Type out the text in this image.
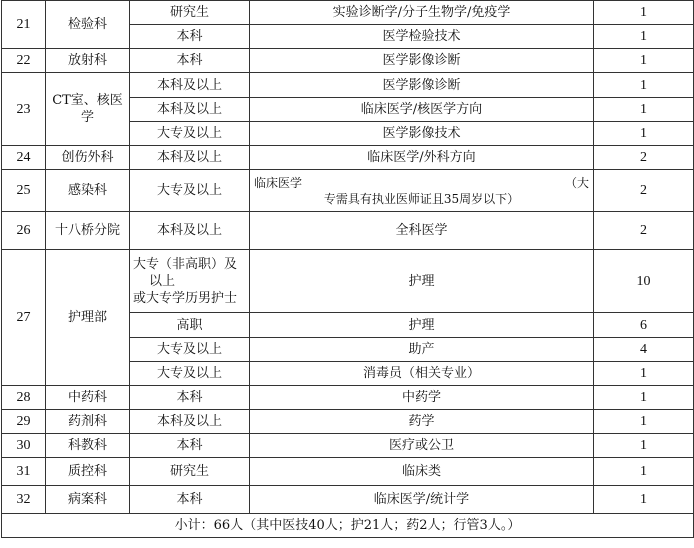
21	检验科	研究生	实验诊断学/分子生物学/免疫学	1
		本科	医学检验技术	1
22	放射科	本科	医学影像诊断	1
23	CT室、核医学	本科及以上	医学影像诊断	1
		本科及以上	临床医学/核医学方向	1
		大专及以上	医学影像技术	1
24	创伤外科	本科及以上	临床医学/外科方向	2
25	感染科	大专及以上	临床医学 （大
专需具有执业医师证且35周岁以下）	2
26	十八桥分院	本科及以上	全科医学	2
27	护理部	大专（非高职）及
以上
或大专学历男护士	护理	10
		高职	护理	6
		大专及以上	助产	4
		大专及以上	消毒员（相关专业）	1
28	中药科	本科	中药学	1
29	药剂科	本科及以上	药学	1
30	科教科	本科	医疗或公卫	1
31	质控科	研究生	临床类	1
32	病案科	本科	临床医学/统计学	1
小计：66人（其中医技40人；护21人；药2人；行管3人。）				
